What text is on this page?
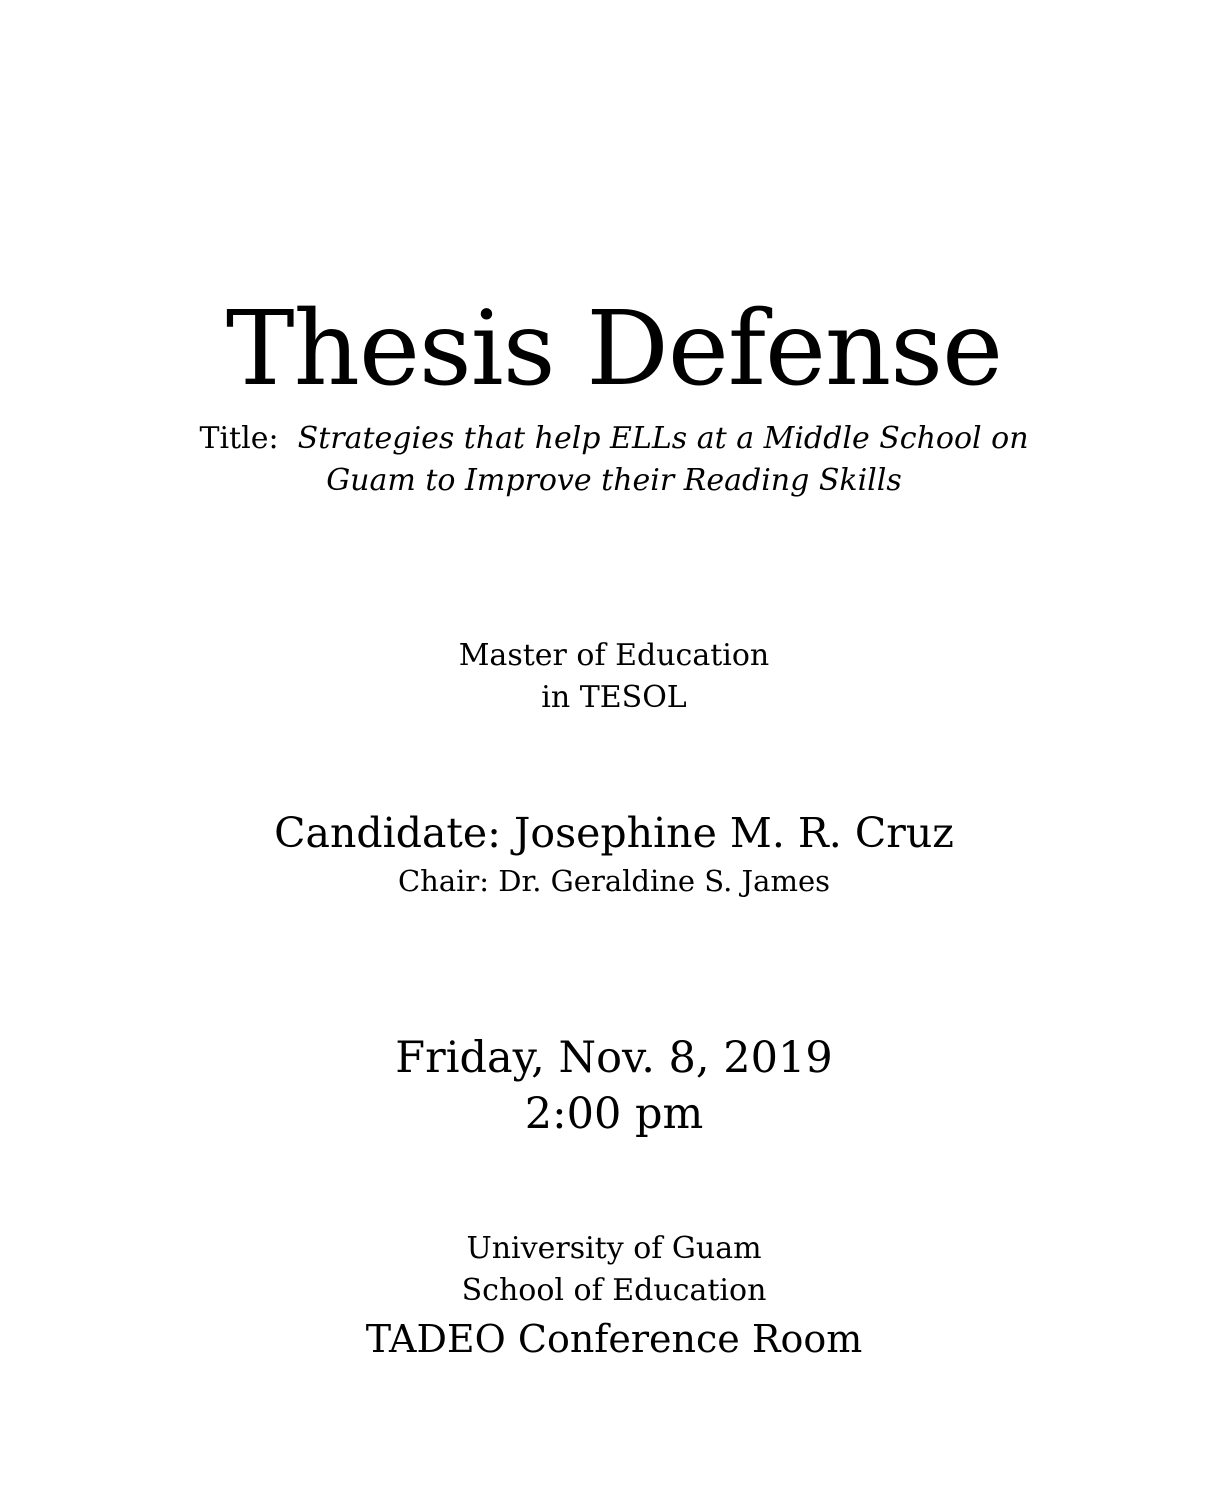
Thesis Defense
Title: Strategies that help ELLs at a Middle School on
Guam to Improve their Reading Skills
Master of Education
in TESOL
Candidate: Josephine M. R. Cruz
Chair: Dr. Geraldine S. James
Friday, Nov. 8, 2019
2:00 pm
University of Guam
School of Education
TADEO Conference Room
